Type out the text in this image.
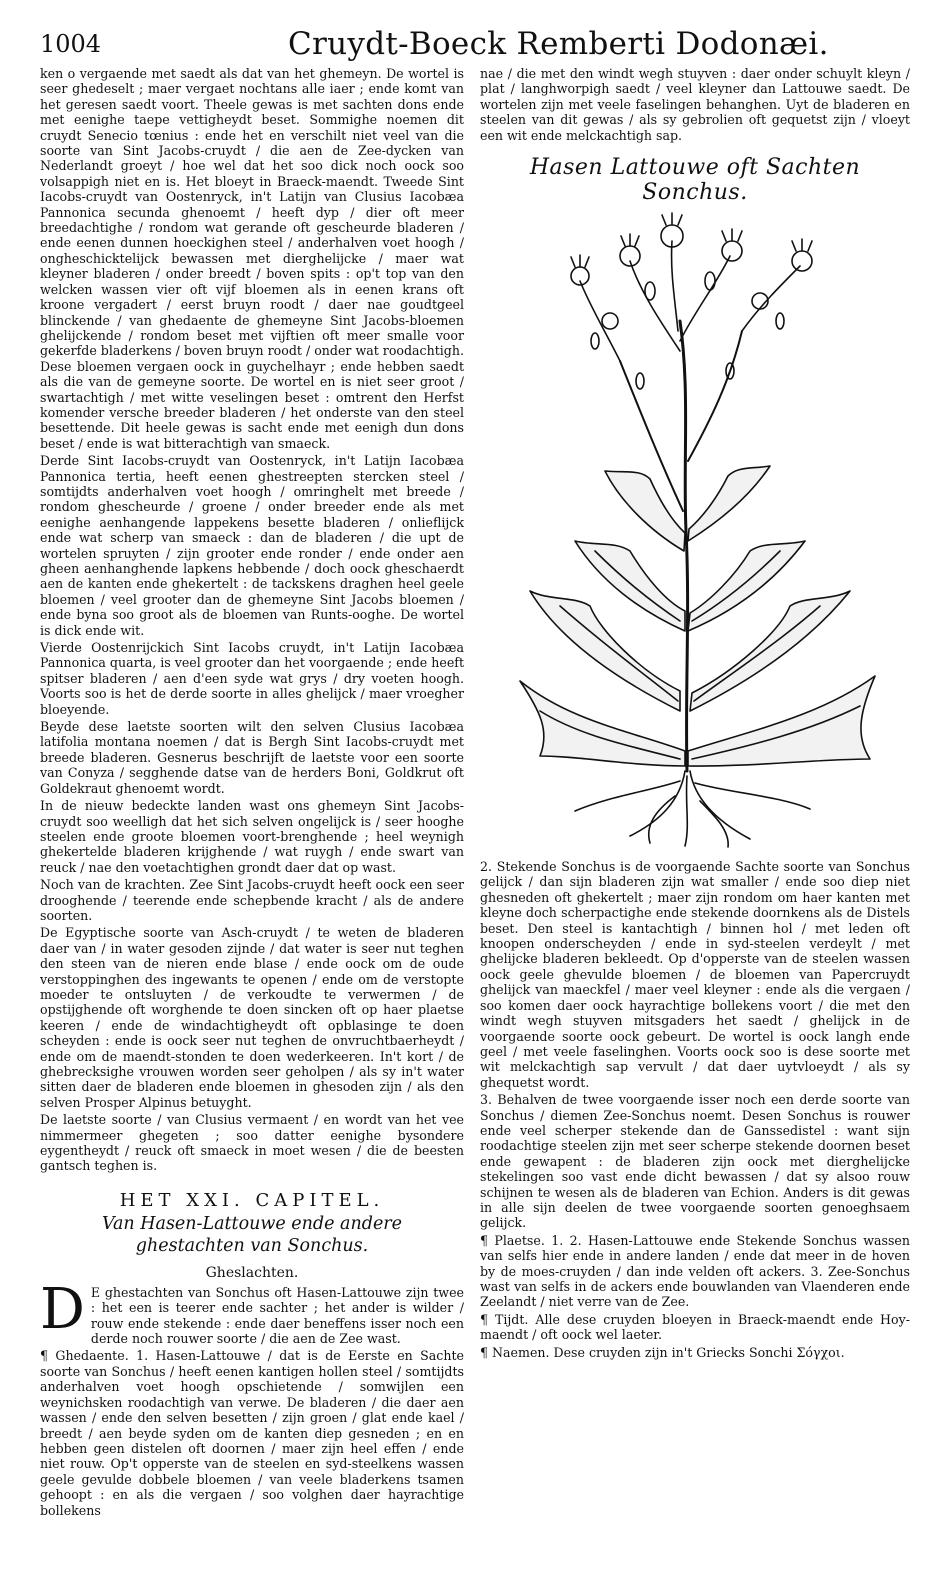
1004	Cruydt-Boeck Remberti Dodonæi.

ken o vergaende met saedt als dat van het ghemeyn. De wortel is seer ghedeselt ; maer vergaet nochtans alle iaer ; ende komt van het geresen saedt voort. Theele gewas is met sachten dons ende met eenighe taepe vettigheydt beset. Sommighe noemen dit cruydt Senecio tœnius : ende het en verschilt niet veel van die soorte van Sint Jacobs-cruydt / die aen de Zee-dycken van Nederlandt groeyt / hoe wel dat het soo dick noch oock soo volsappigh niet en is. Het bloeyt in Braeck-maendt. Tweede Sint Iacobs-cruydt van Oostenryck, in't Latijn van Clusius Iacobæa Pannonica secunda ghenoemt / heeft dyp / dier oft meer breedachtighe / rondom wat gerande oft gescheurde bladeren / ende eenen dunnen hoeckighen steel / anderhalven voet hoogh / ongheschicktelijck bewassen met dierghelijcke / maer wat kleyner bladeren / onder breedt / boven spits : op't top van den welcken wassen vier oft vijf bloemen als in eenen krans oft kroone vergadert / eerst bruyn roodt / daer nae goudtgeel blinckende / van ghedaente de ghemeyne Sint Jacobs-bloemen ghelijckende / rondom beset met vijftien oft meer smalle voor gekerfde bladerkens / boven bruyn roodt / onder wat roodachtigh. Dese bloemen vergaen oock in guychelhayr ; ende hebben saedt als die van de gemeyne soorte. De wortel en is niet seer groot / swartachtigh / met witte veselingen beset : omtrent den Herfst komender versche breeder bladeren / het onderste van den steel besettende. Dit heele gewas is sacht ende met eenigh dun dons beset / ende is wat bitterachtigh van smaeck.

Derde Sint Iacobs-cruydt van Oostenryck, in't Latijn Iacobæa Pannonica tertia, heeft eenen ghestreepten stercken steel / somtijdts anderhalven voet hoogh / omringhelt met breede / rondom ghescheurde / groene / onder breeder ende als met eenighe aenhangende lappekens besette bladeren / onlieflijck ende wat scherp van smaeck : dan de bladeren / die upt de wortelen spruyten / zijn grooter ende ronder / ende onder aen gheen aenhanghende lapkens hebbende / doch oock gheschaerdt aen de kanten ende ghekertelt : de tackskens draghen heel geele bloemen / veel grooter dan de ghemeyne Sint Jacobs bloemen / ende byna soo groot als de bloemen van Runts-ooghe. De wortel is dick ende wit.

Vierde Oostenrijckich Sint Iacobs cruydt, in't Latijn Iacobæa Pannonica quarta, is veel grooter dan het voorgaende ; ende heeft spitser bladeren / aen d'een syde wat grys / dry voeten hoogh. Voorts soo is het de derde soorte in alles ghelijck / maer vroegher bloeyende.

Beyde dese laetste soorten wilt den selven Clusius Iacobæa latifolia montana noemen / dat is Bergh Sint Iacobs-cruydt met breede bladeren. Gesnerus beschrijft de laetste voor een soorte van Conyza / segghende datse van de herders Boni, Goldkrut oft Goldekraut ghenoemt wordt.

In de nieuw bedeckte landen wast ons ghemeyn Sint Jacobs-cruydt soo weelligh dat het sich selven ongelijck is / seer hooghe steelen ende groote bloemen voort-brenghende ; heel weynigh ghekertelde bladeren krijghende / wat ruygh / ende swart van reuck / nae den voetachtighen grondt daer dat op wast.

Noch van de krachten. Zee Sint Jacobs-cruydt heeft oock een seer drooghende / teerende ende schepbende kracht / als de andere soorten.

De Egyptische soorte van Asch-cruydt / te weten de bladeren daer van / in water gesoden zijnde / dat water is seer nut teghen den steen van de nieren ende blase / ende oock om de oude verstoppinghen des ingewants te openen / ende om de verstopte moeder te ontsluyten / de verkoudte te verwermen / de opstijghende oft worghende te doen sincken oft op haer plaetse keeren / ende de windachtigheydt oft opblasinge te doen scheyden : ende is oock seer nut teghen de onvruchtbaerheydt / ende om de maendt-stonden te doen wederkeeren. In't kort / de ghebrecksighe vrouwen worden seer geholpen / als sy in't water sitten daer de bladeren ende bloemen in ghesoden zijn / als den selven Prosper Alpinus betuyght.

De laetste soorte / van Clusius vermaent / en wordt van het vee nimmermeer ghegeten ; soo datter eenighe bysondere eygentheydt / reuck oft smaeck in moet wesen / die de beesten gantsch teghen is.

HET XXI. CAPITEL.
Van Hasen-Lattouwe ende andere
ghestachten van Sonchus.
Gheslachten.
D E ghestachten van Sonchus oft Hasen-Lattouwe zijn twee : het een is teerer ende sachter ; het ander is wilder / rouw ende stekende : ende daer beneffens isser noch een derde noch rouwer soorte / die aen de Zee wast.

¶ Ghedaente. 1. Hasen-Lattouwe / dat is de Eerste en Sachte soorte van Sonchus / heeft eenen kantigen hollen steel / somtijdts anderhalven voet hoogh opschietende / somwijlen een weynichsken roodachtigh van verwe. De bladeren / die daer aen wassen / ende den selven besetten / zijn groen / glat ende kael / breedt / aen beyde syden om de kanten diep gesneden ; en en hebben geen distelen oft doornen / maer zijn heel effen / ende niet rouw. Op't opperste van de steelen en syd-steelkens wassen geele gevulde dobbele bloemen / van veele bladerkens tsamen gehoopt : en als die vergaen / soo volghen daer hayrachtige bollekens

nae / die met den windt wegh stuyven : daer onder schuylt kleyn / plat / langhworpigh saedt / veel kleyner dan Lattouwe saedt. De wortelen zijn met veele faselingen behanghen. Uyt de bladeren en steelen van dit gewas / als sy gebrolien oft gequetst zijn / vloeyt een wit ende melckachtigh sap.

Hasen Lattouwe oft Sachten Sonchus.

2. Stekende Sonchus is de voorgaende Sachte soorte van Sonchus gelijck / dan sijn bladeren zijn wat smaller / ende soo diep niet ghesneden oft ghekertelt ; maer zijn rondom om haer kanten met kleyne doch scherpactighe ende stekende doornkens als de Distels beset. Den steel is kantachtigh / binnen hol / met leden oft knoopen onderscheyden / ende in syd-steelen verdeylt / met ghelijcke bladeren bekleedt. Op d'opperste van de steelen wassen oock geele ghevulde bloemen / de bloemen van Papercruydt ghelijck van maeckfel / maer veel kleyner : ende als die vergaen / soo komen daer oock hayrachtige bollekens voort / die met den windt wegh stuyven mitsgaders het saedt / ghelijck in de voorgaende soorte oock gebeurt. De wortel is oock langh ende geel / met veele faselinghen. Voorts oock soo is dese soorte met wit melckachtigh sap vervult / dat daer uytvloeydt / als sy ghequetst wordt.

3. Behalven de twee voorgaende isser noch een derde soorte van Sonchus / diemen Zee-Sonchus noemt. Desen Sonchus is rouwer ende veel scherper stekende dan de Ganssedistel : want sijn roodachtige steelen zijn met seer scherpe stekende doornen beset ende gewapent : de bladeren zijn oock met dierghelijcke stekelingen soo vast ende dicht bewassen / dat sy alsoo rouw schijnen te wesen als de bladeren van Echion. Anders is dit gewas in alle sijn deelen de twee voorgaende soorten genoeghsaem gelijck.

¶ Plaetse. 1. 2. Hasen-Lattouwe ende Stekende Sonchus wassen van selfs hier ende in andere landen / ende dat meer in de hoven by de moes-cruyden / dan inde velden oft ackers. 3. Zee-Sonchus wast van selfs in de ackers ende bouwlanden van Vlaenderen ende Zeelandt / niet verre van de Zee.

¶ Tijdt. Alle dese cruyden bloeyen in Braeck-maendt ende Hoy-maendt / oft oock wel laeter.

¶ Naemen. Dese cruyden zijn in't Griecks Sonchi Σόγχοι.
